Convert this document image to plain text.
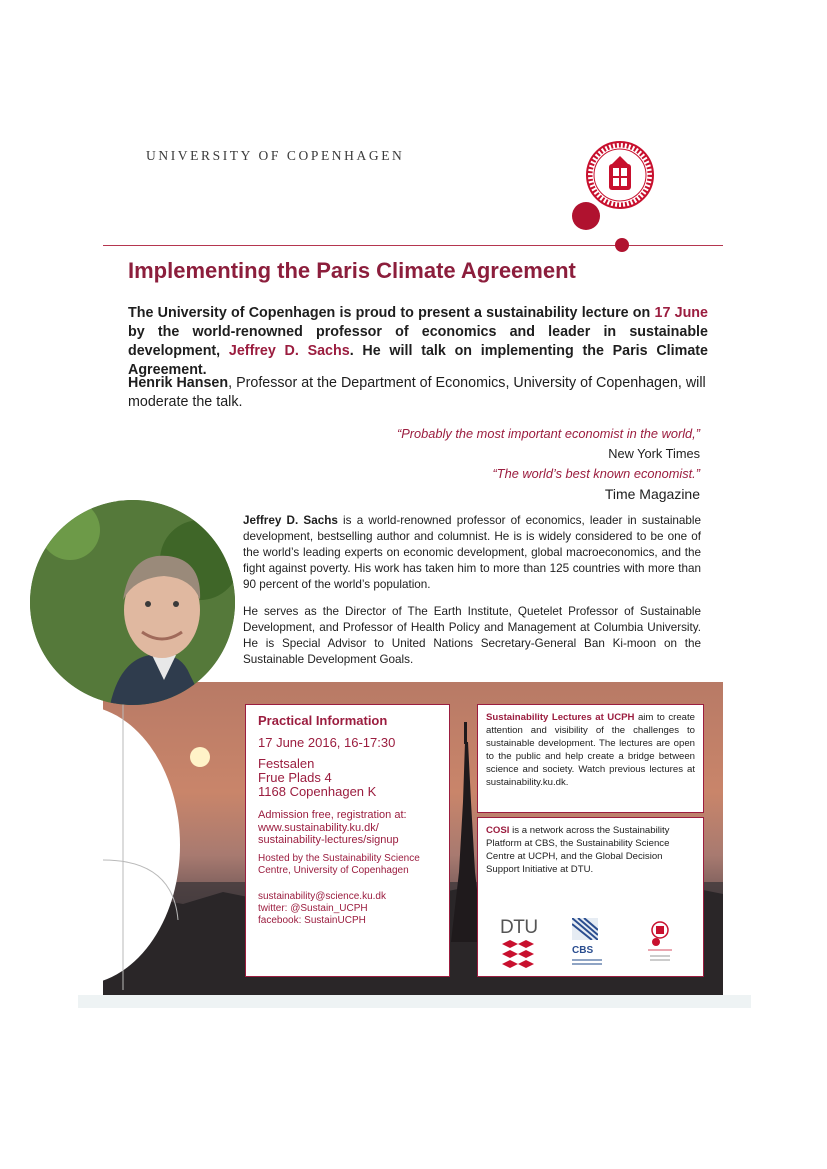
UNIVERSITY OF COPENHAGEN
Implementing the Paris Climate Agreement
The University of Copenhagen is proud to present a sustainability lecture on 17 June by the world-renowned professor of economics and leader in sustainable development, Jeffrey D. Sachs. He will talk on implementing the Paris Climate Agreement.
Henrik Hansen, Professor at the Department of Economics, University of Copenhagen, will moderate the talk.
“Probably the most important economist in the world,”
New York Times
“The world’s best known economist.”
Time Magazine

Jeffrey D. Sachs is a world-renowned professor of economics, leader in sustainable development, bestselling author and columnist. He is is widely considered to be one of the world’s leading experts on economic development, global macroeconomics, and the fight against poverty. His work has taken him to more than 125 countries with more than 90 percent of the world’s population.

He serves as the Director of The Earth Institute, Quetelet Professor of Sustainable Development, and Professor of Health Policy and Management at Columbia University. He is Special Advisor to United Nations Secretary-General Ban Ki-moon on the Sustainable Development Goals.

Practical Information
17 June 2016, 16-17:30
Festsalen
Frue Plads 4
1168 Copenhagen K
Admission free, registration at:
www.sustainability.ku.dk/
sustainability-lectures/signup
Hosted by the Sustainability Science Centre, University of Copenhagen
sustainability@science.ku.dk
twitter: @Sustain_UCPH
facebook: SustainUCPH
Sustainability Lectures at UCPH aim to create attention and visibility of the challenges to sustainable development. The lectures are open to the public and help create a bridge between science and society. Watch previous lectures at sustainability.ku.dk.
COSI is a network across the Sustainability Platform at CBS, the Sustainability Science Centre at UCPH, and the Global Decision Support Initiative at DTU.
DTU
CBS
